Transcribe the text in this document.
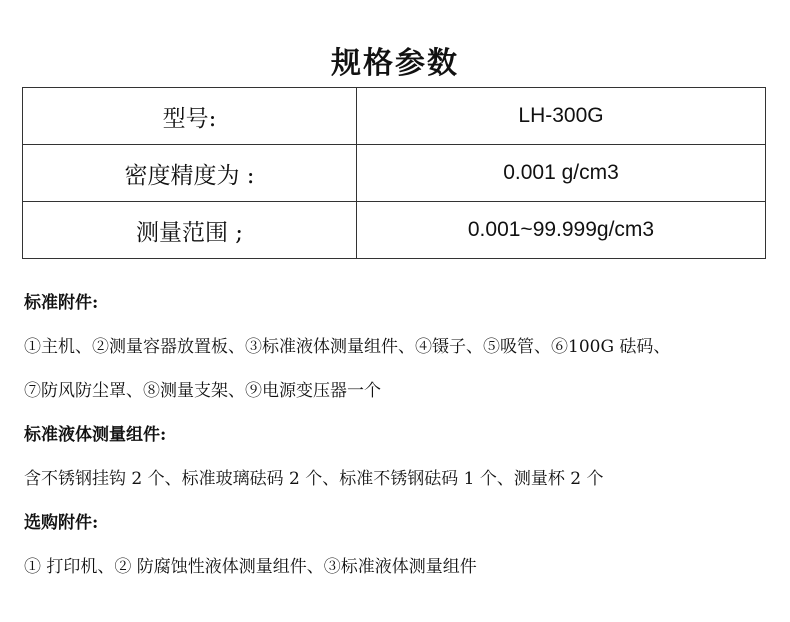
规格参数
型号:	LH-300G
密度精度为 :	0.001 g/cm3
测量范围 ;	0.001~99.999g/cm3
标准附件:
①主机、②测量容器放置板、③标准液体测量组件、④镊子、⑤吸管、⑥100G 砝码、
⑦防风防尘罩、⑧测量支架、⑨电源变压器一个
标准液体测量组件:
含不锈钢挂钩 2 个、标准玻璃砝码 2 个、标准不锈钢砝码 1 个、测量杯 2 个
选购附件:
① 打印机、② 防腐蚀性液体测量组件、③标准液体测量组件
